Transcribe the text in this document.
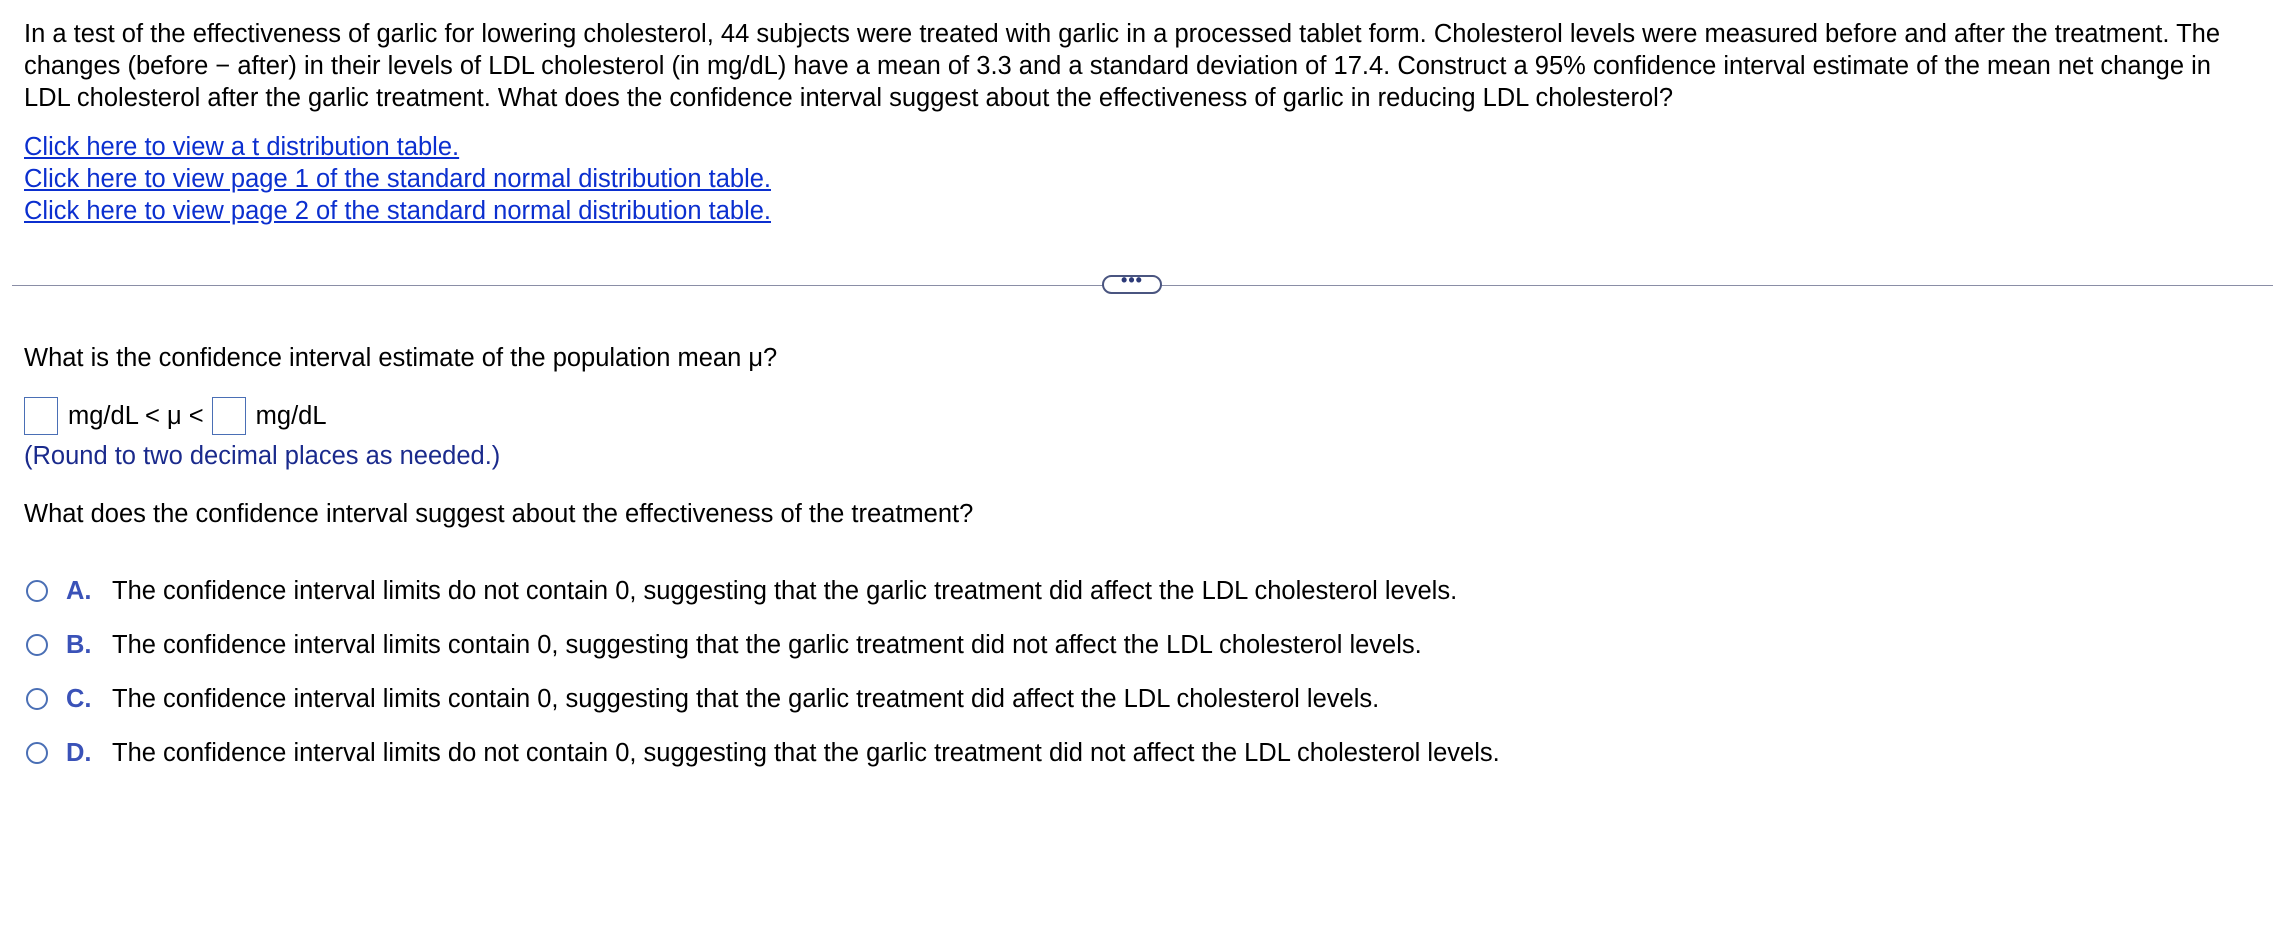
In a test of the effectiveness of garlic for lowering cholesterol, 44 subjects were treated with garlic in a processed tablet form. Cholesterol levels were measured before and after the treatment. The changes (before − after) in their levels of LDL cholesterol (in mg/dL) have a mean of 3.3 and a standard deviation of 17.4. Construct a 95% confidence interval estimate of the mean net change in LDL cholesterol after the garlic treatment. What does the confidence interval suggest about the effectiveness of garlic in reducing LDL cholesterol?
Click here to view a t distribution table.
Click here to view page 1 of the standard normal distribution table.
Click here to view page 2 of the standard normal distribution table.
•••
What is the confidence interval estimate of the population mean μ?
mg/dL < μ < mg/dL
(Round to two decimal places as needed.)
What does the confidence interval suggest about the effectiveness of the treatment?
A. The confidence interval limits do not contain 0, suggesting that the garlic treatment did affect the LDL cholesterol levels.
B. The confidence interval limits contain 0, suggesting that the garlic treatment did not affect the LDL cholesterol levels.
C. The confidence interval limits contain 0, suggesting that the garlic treatment did affect the LDL cholesterol levels.
D. The confidence interval limits do not contain 0, suggesting that the garlic treatment did not affect the LDL cholesterol levels.
